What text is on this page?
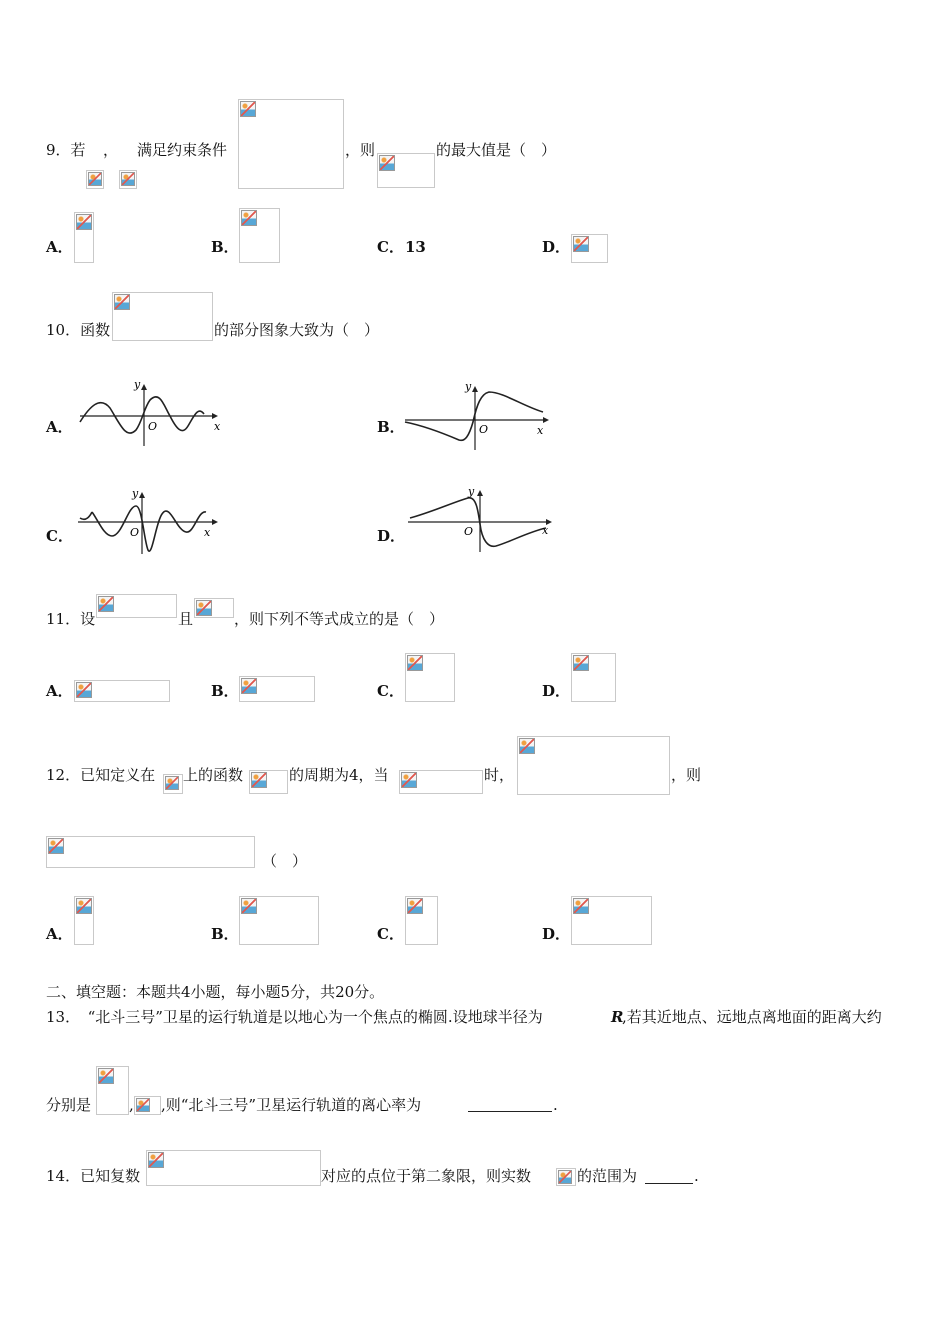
9．若 ， 满足约束条件	，则	的最大值是（　）
A．	B．	C． 13	D．
10．函数	的部分图象大致为（　）
A．	x
y
O	B．	x
y
O
C．	x
y
O	D．	x
y
O
11．设	且	，则下列不等式成立的是（　）
A．	B．	C．	D．
12．已知定义在 上的函数	的周期为4，当	时，	，则
（　）
A．	B．	C．	D．
二、填空题：本题共4小题，每小题5分，共20分。
13．　“北斗三号”卫星的运行轨道是以地心为一个焦点的椭圆.设地球半径为	R
,若其近地点、远地点离地面的距离大约
分别是	, ,则“北斗三号”卫星运行轨道的离心率为	.
14．已知复数	对应的点位于第二象限，则实数	的范围为	.
